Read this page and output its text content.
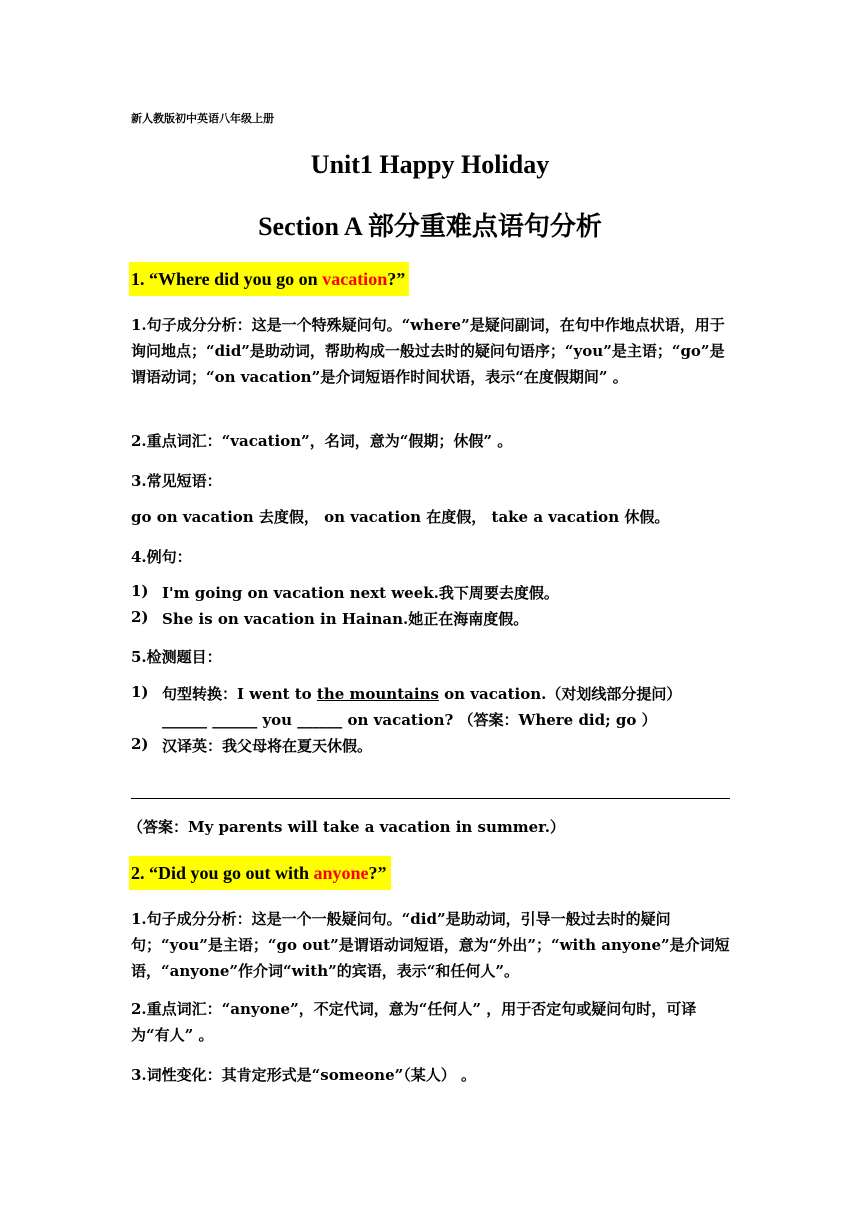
新人教版初中英语八年级上册
Unit1 Happy Holiday
Section A 部分重难点语句分析
1. “Where did you go on vacation?”
1.句子成分分析：这是一个特殊疑问句。“where”是疑问副词，在句中作地点状语，用于询问地点；“did”是助动词，帮助构成一般过去时的疑问句语序；“you”是主语；“go”是谓语动词；“on vacation”是介词短语作时间状语，表示“在度假期间” 。
2.重点词汇：“vacation”，名词，意为“假期；休假” 。
3.常见短语：
go on vacation 去度假， on vacation 在度假， take a vacation 休假。
4.例句：
1) I'm going on vacation next week.我下周要去度假。
2) She is on vacation in Hainan.她正在海南度假。
5.检测题目：
1) 句型转换：I went to the mountains on vacation.（对划线部分提问）
______ ______ you ______ on vacation? （答案：Where did; go ）
2) 汉译英：我父母将在夏天休假。
（答案：My parents will take a vacation in summer.）
2. “Did you go out with anyone?”
1.句子成分分析：这是一个一般疑问句。“did”是助动词，引导一般过去时的疑问句；“you”是主语；“go out”是谓语动词短语，意为“外出”；“with anyone”是介词短语，“anyone”作介词“with”的宾语，表示“和任何人”。
2.重点词汇：“anyone”，不定代词，意为“任何人” ，用于否定句或疑问句时，可译为“有人” 。
3.词性变化：其肯定形式是“someone”（某人） 。
